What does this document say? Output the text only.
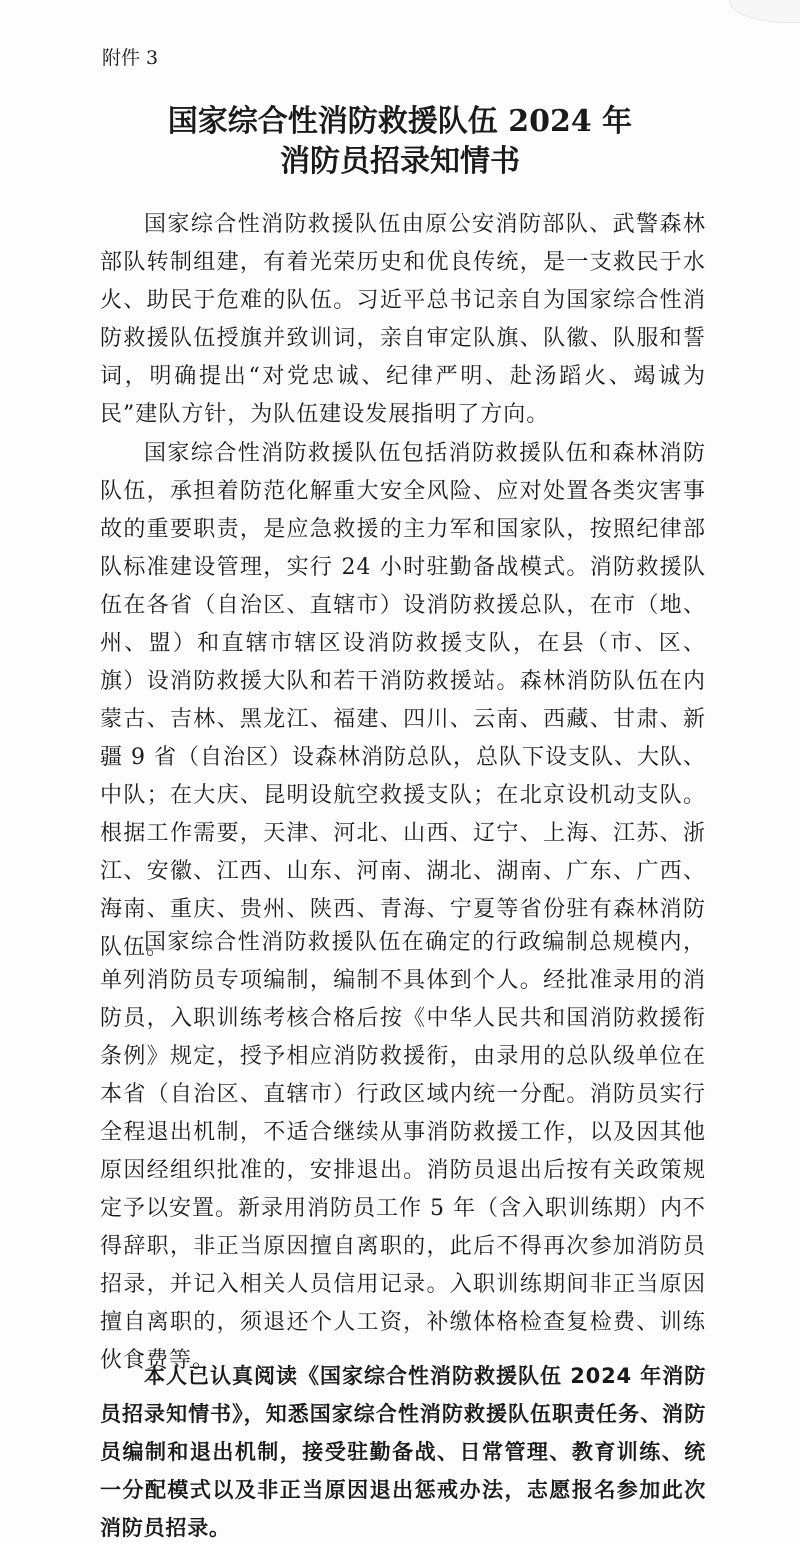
附件 3
国家综合性消防救援队伍 2024 年
消防员招录知情书

国家综合性消防救援队伍由原公安消防部队、武警森林部队转制组建，有着光荣历史和优良传统，是一支救民于水火、助民于危难的队伍。习近平总书记亲自为国家综合性消防救援队伍授旗并致训词，亲自审定队旗、队徽、队服和誓词，明确提出“对党忠诚、纪律严明、赴汤蹈火、竭诚为民”建队方针，为队伍建设发展指明了方向。

国家综合性消防救援队伍包括消防救援队伍和森林消防队伍，承担着防范化解重大安全风险、应对处置各类灾害事故的重要职责，是应急救援的主力军和国家队，按照纪律部队标准建设管理，实行 24 小时驻勤备战模式。消防救援队伍在各省（自治区、直辖市）设消防救援总队，在市（地、州、盟）和直辖市辖区设消防救援支队，在县（市、区、旗）设消防救援大队和若干消防救援站。森林消防队伍在内蒙古、吉林、黑龙江、福建、四川、云南、西藏、甘肃、新疆 9 省（自治区）设森林消防总队，总队下设支队、大队、中队；在大庆、昆明设航空救援支队；在北京设机动支队。根据工作需要，天津、河北、山西、辽宁、上海、江苏、浙江、安徽、江西、山东、河南、湖北、湖南、广东、广西、海南、重庆、贵州、陕西、青海、宁夏等省份驻有森林消防队伍。

国家综合性消防救援队伍在确定的行政编制总规模内，单列消防员专项编制，编制不具体到个人。经批准录用的消防员，入职训练考核合格后按《中华人民共和国消防救援衔条例》规定，授予相应消防救援衔，由录用的总队级单位在本省（自治区、直辖市）行政区域内统一分配。消防员实行全程退出机制，不适合继续从事消防救援工作，以及因其他原因经组织批准的，安排退出。消防员退出后按有关政策规定予以安置。新录用消防员工作 5 年（含入职训练期）内不得辞职，非正当原因擅自离职的，此后不得再次参加消防员招录，并记入相关人员信用记录。入职训练期间非正当原因擅自离职的，须退还个人工资，补缴体格检查复检费、训练伙食费等。

本人已认真阅读《国家综合性消防救援队伍 2024 年消防员招录知情书》，知悉国家综合性消防救援队伍职责任务、消防员编制和退出机制，接受驻勤备战、日常管理、教育训练、统一分配模式以及非正当原因退出惩戒办法，志愿报名参加此次消防员招录。
